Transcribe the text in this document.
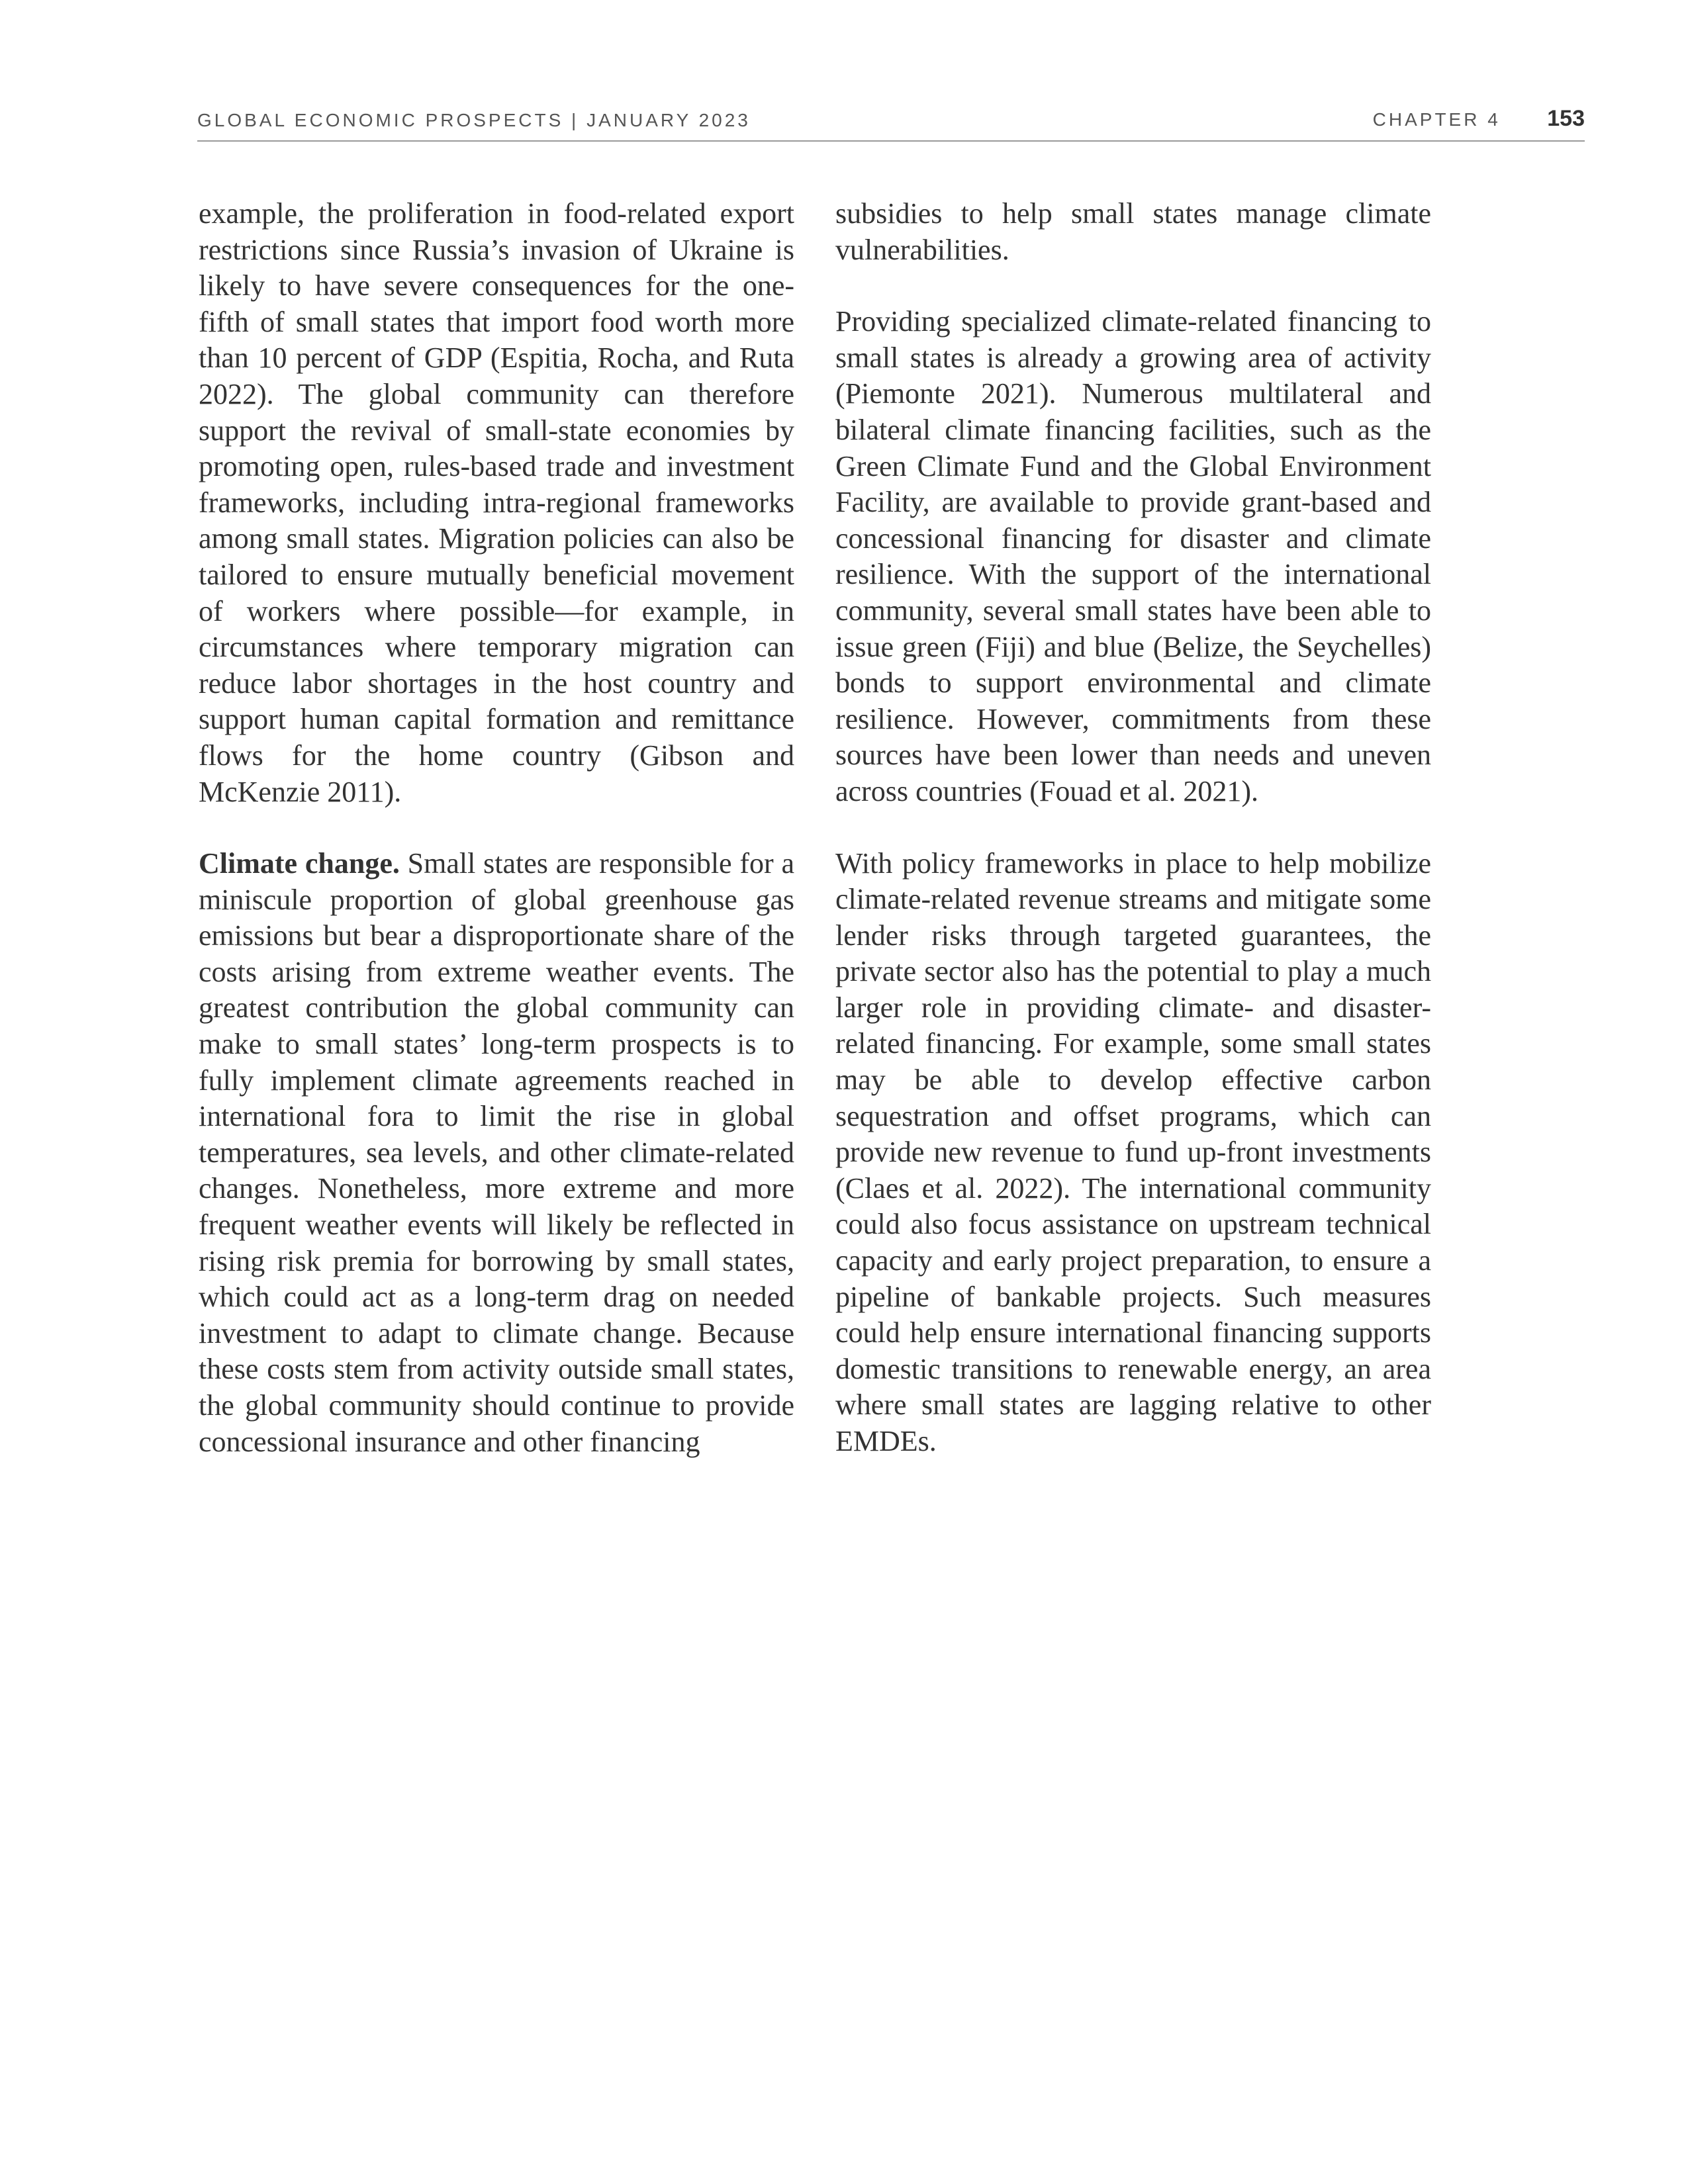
GLOBAL ECONOMIC PROSPECTS | JANUARY 2023	CHAPTER 4 153

example, the proliferation in food-related export restrictions since Russia’s invasion of Ukraine is likely to have severe consequences for the one-fifth of small states that import food worth more than 10 percent of GDP (Espitia, Rocha, and Ruta 2022). The global community can therefore support the revival of small-state economies by promoting open, rules-based trade and investment frameworks, including intra-regional frameworks among small states. Migration policies can also be tailored to ensure mutually beneficial movement of workers where possible—for example, in circumstances where temporary migration can reduce labor shortages in the host country and support human capital formation and remittance flows for the home country (Gibson and McKenzie 2011).

Climate change. Small states are responsible for a miniscule proportion of global greenhouse gas emissions but bear a disproportionate share of the costs arising from extreme weather events. The greatest contribution the global community can make to small states’ long-term prospects is to fully implement climate agreements reached in international fora to limit the rise in global temperatures, sea levels, and other climate-related changes. Nonetheless, more extreme and more frequent weather events will likely be reflected in rising risk premia for borrowing by small states, which could act as a long-term drag on needed investment to adapt to climate change. Because these costs stem from activity outside small states, the global community should continue to provide concessional insurance and other financing

subsidies to help small states manage climate vulnerabilities.

Providing specialized climate-related financing to small states is already a growing area of activity (Piemonte 2021). Numerous multilateral and bilateral climate financing facilities, such as the Green Climate Fund and the Global Environment Facility, are available to provide grant-based and concessional financing for disaster and climate resilience. With the support of the international community, several small states have been able to issue green (Fiji) and blue (Belize, the Seychelles) bonds to support environmental and climate resilience. However, commitments from these sources have been lower than needs and uneven across countries (Fouad et al. 2021).

With policy frameworks in place to help mobilize climate-related revenue streams and mitigate some lender risks through targeted guarantees, the private sector also has the potential to play a much larger role in providing climate- and disaster-related financing. For example, some small states may be able to develop effective carbon sequestration and offset programs, which can provide new revenue to fund up-front investments (Claes et al. 2022). The international community could also focus assistance on upstream technical capacity and early project preparation, to ensure a pipeline of bankable projects. Such measures could help ensure international financing supports domestic transitions to renewable energy, an area where small states are lagging relative to other EMDEs.
